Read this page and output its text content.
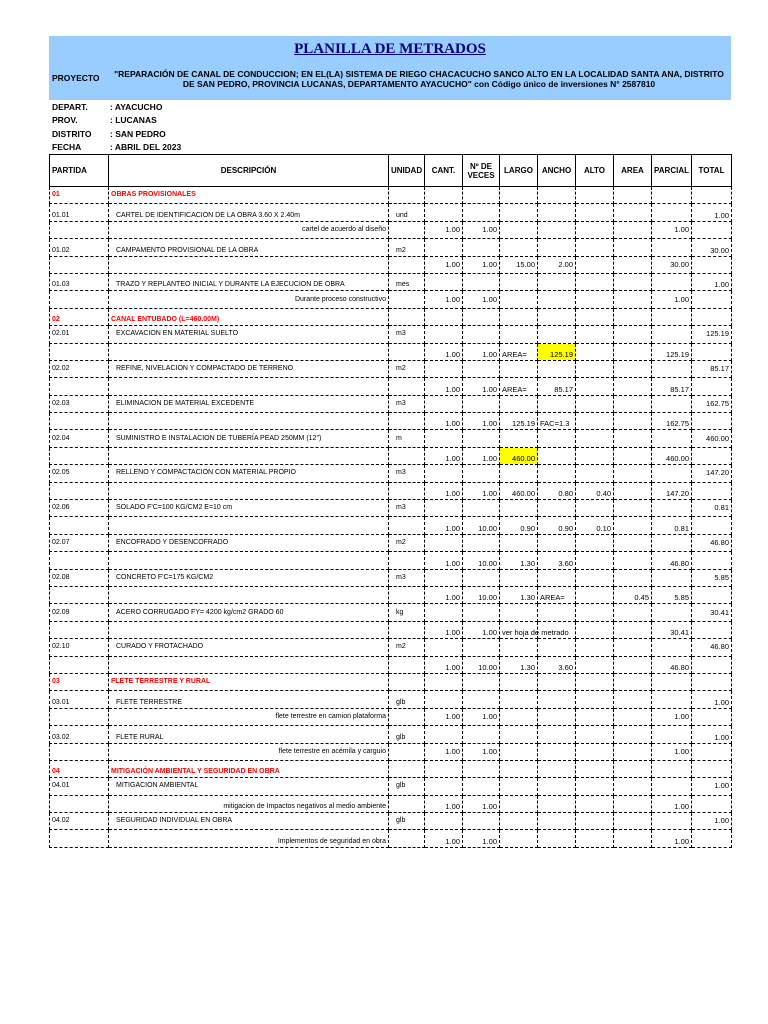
PLANILLA DE METRADOS
PROYECTO	"REPARACIÓN DE CANAL DE CONDUCCION; EN EL(LA) SISTEMA DE RIEGO CHACACUCHO SANCO ALTO EN LA LOCALIDAD SANTA ANA, DISTRITO DE SAN PEDRO, PROVINCIA LUCANAS, DEPARTAMENTO AYACUCHO" con Código único de inversiones N° 2587810
DEPART.	: AYACUCHO
PROV.	: LUCANAS
DISTRITO : SAN PEDRO
FECHA	: ABRIL DEL 2023
PARTIDA	DESCRIPCIÓN	UNIDAD	CANT.	Nº DE VECES	LARGO	ANCHO	ALTO	AREA	PARCIAL	TOTAL
01	OBRAS PROVISIONALES									
01.01	CARTEL DE IDENTIFICACION DE LA OBRA 3.60 X 2.40m	und								1.00
	cartel de acuerdo al diseño		1.00	1.00					1.00	
01.02	CAMPAMENTO PROVISIONAL DE LA OBRA	m2								30.00
			1.00	1.00	15.00	2.00			30.00	
01.03	TRAZO Y REPLANTEO INICIAL Y DURANTE LA EJECUCION DE OBRA	mes								1.00
	Durante proceso constructivo		1.00	1.00					1.00	
02	CANAL ENTUBADO (L=460.00M)									
02.01	EXCAVACION EN MATERIAL SUELTO	m3								125.19
			1.00	1.00	AREA=	125.19			125.19	
02.02	REFINE, NIVELACION Y COMPACTADO DE TERRENO	m2								85.17
			1.00	1.00	AREA=	85.17			85.17	
02.03	ELIMINACION DE MATERIAL EXCEDENTE	m3								162.75
			1.00	1.00	125.19	FAC=1.3			162.75	
02.04	SUMINISTRO E INSTALACION DE TUBERÍA PEAD 250MM (12")	m								460.00
			1.00	1.00	460.00				460.00	
02.05	RELLENO Y COMPACTACION CON MATERIAL PROPIO	m3								147.20
			1.00	1.00	460.00	0.80	0.40		147.20	
02.06	SOLADO F'C=100 KG/CM2 E=10 cm	m3								0.81
			1.00	10.00	0.90	0.90	0.10		0.81	
02.07	ENCOFRADO Y DESENCOFRADO	m2								46.80
			1.00	10.00	1.30	3.60			46.80	
02.08	CONCRETO F'C=175 KG/CM2	m3								5.85
			1.00	10.00	1.30	AREA=		0.45	5.85	
02.09	ACERO CORRUGADO FY= 4200 kg/cm2 GRADO 60	kg								30.41
			1.00	1.00	ver hoja de metrado				30.41	
02.10	CURADO Y FROTACHADO	m2								46.80
			1.00	10.00	1.30	3.60			46.80	
03	FLETE TERRESTRE Y RURAL									
03.01	FLETE TERRESTRE	glb								1.00
	flete terrestre en camion plataforma		1.00	1.00					1.00	
03.02	FLETE RURAL	glb								1.00
	flete terrestre en acémila y carguio		1.00	1.00					1.00	
04	MITIGACIÓN AMBIENTAL Y SEGURIDAD EN OBRA									
04.01	MITIGACION AMBIENTAL	glb								1.00
	mitigacion de Impactos negativos al medio ambiente		1.00	1.00					1.00	
04.02	SEGURIDAD INDIVIDUAL EN OBRA	glb								1.00
	Implementos de seguridad en obra		1.00	1.00					1.00	
